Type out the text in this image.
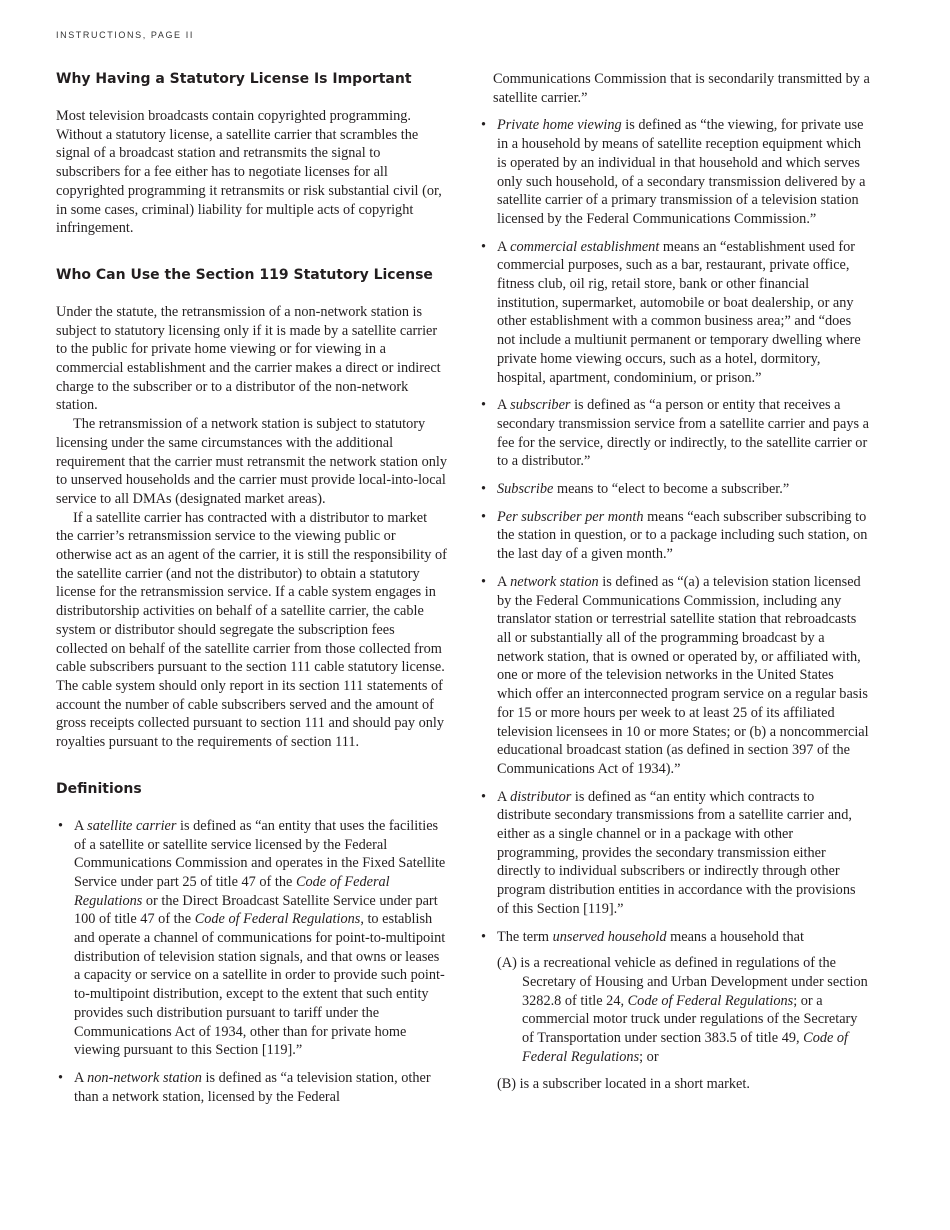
INSTRUCTIONS, PAGE II
Why Having a Statutory License Is Important

Most television broadcasts contain copyrighted programming. Without a statutory license, a satellite carrier that scrambles the signal of a broadcast station and retransmits the signal to subscribers for a fee either has to negotiate licenses for all copyrighted programming it retransmits or risk substantial civil (or, in some cases, criminal) liability for multiple acts of copyright infringement.

Who Can Use the Section 119 Statutory License

Under the statute, the retransmission of a non-network station is subject to statutory licensing only if it is made by a satellite carrier to the public for private home viewing or for viewing in a commercial establishment and the carrier makes a direct or indirect charge to the subscriber or to a distributor of the non-network station.

The retransmission of a network station is subject to statutory licensing under the same circumstances with the additional requirement that the carrier must retransmit the network station only to unserved households and the carrier must provide local-into-local service to all DMAs (designated market areas).

If a satellite carrier has contracted with a distributor to market the carrier’s retransmission service to the viewing public or otherwise act as an agent of the carrier, it is still the responsibility of the satellite carrier (and not the distributor) to obtain a statutory license for the retransmission service. If a cable system engages in distributorship activities on behalf of a satellite carrier, the cable system or distributor should segregate the subscription fees collected on behalf of the satellite carrier from those collected from cable subscribers pursuant to the section 111 cable statutory license. The cable system should only report in its section 111 statements of account the number of cable subscribers served and the amount of gross receipts collected pursuant to section 111 and should pay only royalties pursuant to the requirements of section 111.

Definitions
• A satellite carrier is defined as “an entity that uses the facilities of a satellite or satellite service licensed by the Federal Communications Commission and operates in the Fixed Satellite Service under part 25 of title 47 of the Code of Federal Regulations or the Direct Broadcast Satellite Service under part 100 of title 47 of the Code of Federal Regulations, to establish and operate a channel of communications for point-to-multipoint distribution of television station signals, and that owns or leases a capacity or service on a satellite in order to provide such point-to-multipoint distribution, except to the extent that such entity provides such distribution pursuant to tariff under the Communications Act of 1934, other than for private home viewing pursuant to this Section [119].”
• A non-network station is defined as “a television station, other than a network station, licensed by the Federal
Communications Commission that is secondarily transmitted by a satellite carrier.”
• Private home viewing is defined as “the viewing, for private use in a household by means of satellite reception equipment which is operated by an individual in that household and which serves only such household, of a secondary transmission delivered by a satellite carrier of a primary transmission of a television station licensed by the Federal Communications Commission.”
• A commercial establishment means an “establishment used for commercial purposes, such as a bar, restaurant, private office, fitness club, oil rig, retail store, bank or other financial institution, supermarket, automobile or boat dealership, or any other establishment with a common business area;” and “does not include a multiunit permanent or temporary dwelling where private home viewing occurs, such as a hotel, dormitory, hospital, apartment, condominium, or prison.”
• A subscriber is defined as “a person or entity that receives a secondary transmission service from a satellite carrier and pays a fee for the service, directly or indirectly, to the satellite carrier or to a distributor.”
• Subscribe means to “elect to become a subscriber.”
• Per subscriber per month means “each subscriber subscribing to the station in question, or to a package including such station, on the last day of a given month.”
• A network station is defined as “(a) a television station licensed by the Federal Communications Commission, including any translator station or terrestrial satellite station that rebroadcasts all or substantially all of the programming broadcast by a network station, that is owned or operated by, or affiliated with, one or more of the television networks in the United States which offer an interconnected program service on a regular basis for 15 or more hours per week to at least 25 of its affiliated television licensees in 10 or more States; or (b) a noncommercial educational broadcast station (as defined in section 397 of the Communications Act of 1934).”
• A distributor is defined as “an entity which contracts to distribute secondary transmissions from a satellite carrier and, either as a single channel or in a package with other programming, provides the secondary transmission either directly to individual subscribers or indirectly through other program distribution entities in accordance with the provisions of this Section [119].”
• The term unserved household means a household that
(A) is a recreational vehicle as defined in regulations of the Secretary of Housing and Urban Development under section 3282.8 of title 24, Code of Federal Regulations; or a commercial motor truck under regulations of the Secretary of Transportation under section 383.5 of title 49, Code of Federal Regulations; or
(B) is a subscriber located in a short market.
